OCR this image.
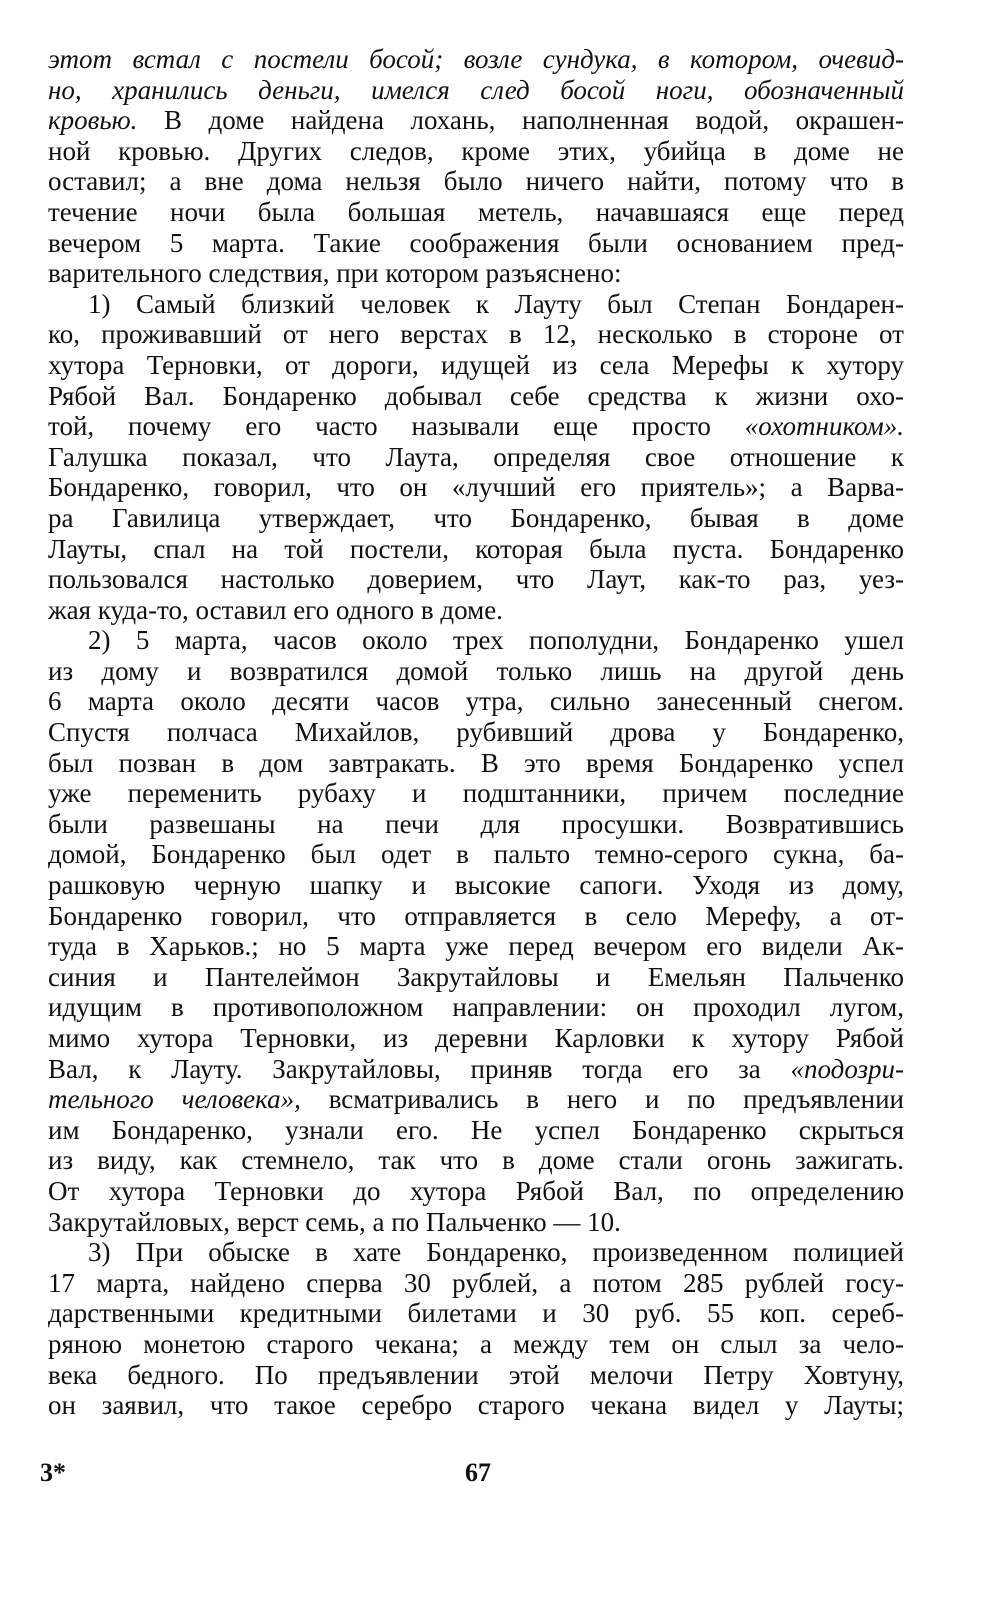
этот встал с постели босой; возле сундука, в котором, очевид-
но, хранились деньги, имелся след босой ноги, обозначенный
кровью. В доме найдена лохань, наполненная водой, окрашен-
ной кровью. Других следов, кроме этих, убийца в доме не
оставил; а вне дома нельзя было ничего найти, потому что в
течение ночи была большая метель, начавшаяся еще перед
вечером 5 марта. Такие соображения были основанием пред-
варительного следствия, при котором разъяснено:
1) Самый близкий человек к Лауту был Степан Бондарен-
ко, проживавший от него верстах в 12, несколько в стороне от
хутора Терновки, от дороги, идущей из села Мерефы к хутору
Рябой Вал. Бондаренко добывал себе средства к жизни охо-
той, почему его часто называли еще просто «охотником».
Галушка показал, что Лаута, определяя свое отношение к
Бондаренко, говорил, что он «лучший его приятель»; а Варва-
ра Гавилица утверждает, что Бондаренко, бывая в доме
Лауты, спал на той постели, которая была пуста. Бондаренко
пользовался настолько доверием, что Лаут, как-то раз, уез-
жая куда-то, оставил его одного в доме.
2) 5 марта, часов около трех пополудни, Бондаренко ушел
из дому и возвратился домой только лишь на другой день
6 марта около десяти часов утра, сильно занесенный снегом.
Спустя полчаса Михайлов, рубивший дрова у Бондаренко,
был позван в дом завтракать. В это время Бондаренко успел
уже переменить рубаху и подштанники, причем последние
были развешаны на печи для просушки. Возвратившись
домой, Бондаренко был одет в пальто темно-серого сукна, ба-
рашковую черную шапку и высокие сапоги. Уходя из дому,
Бондаренко говорил, что отправляется в село Мерефу, а от-
туда в Харьков.; но 5 марта уже перед вечером его видели Ак-
синия и Пантелеймон Закрутайловы и Емельян Пальченко
идущим в противоположном направлении: он проходил лугом,
мимо хутора Терновки, из деревни Карловки к хутору Рябой
Вал, к Лауту. Закрутайловы, приняв тогда его за «подозри-
тельного человека», всматривались в него и по предъявлении
им Бондаренко, узнали его. Не успел Бондаренко скрыться
из виду, как стемнело, так что в доме стали огонь зажигать.
От хутора Терновки до хутора Рябой Вал, по определению
Закрутайловых, верст семь, а по Пальченко — 10.
3) При обыске в хате Бондаренко, произведенном полицией
17 марта, найдено сперва 30 рублей, а потом 285 рублей госу-
дарственными кредитными билетами и 30 руб. 55 коп. сереб-
ряною монетою старого чекана; а между тем он слыл за чело-
века бедного. По предъявлении этой мелочи Петру Ховтуну,
он заявил, что такое серебро старого чекана видел у Лауты;
3*	67
